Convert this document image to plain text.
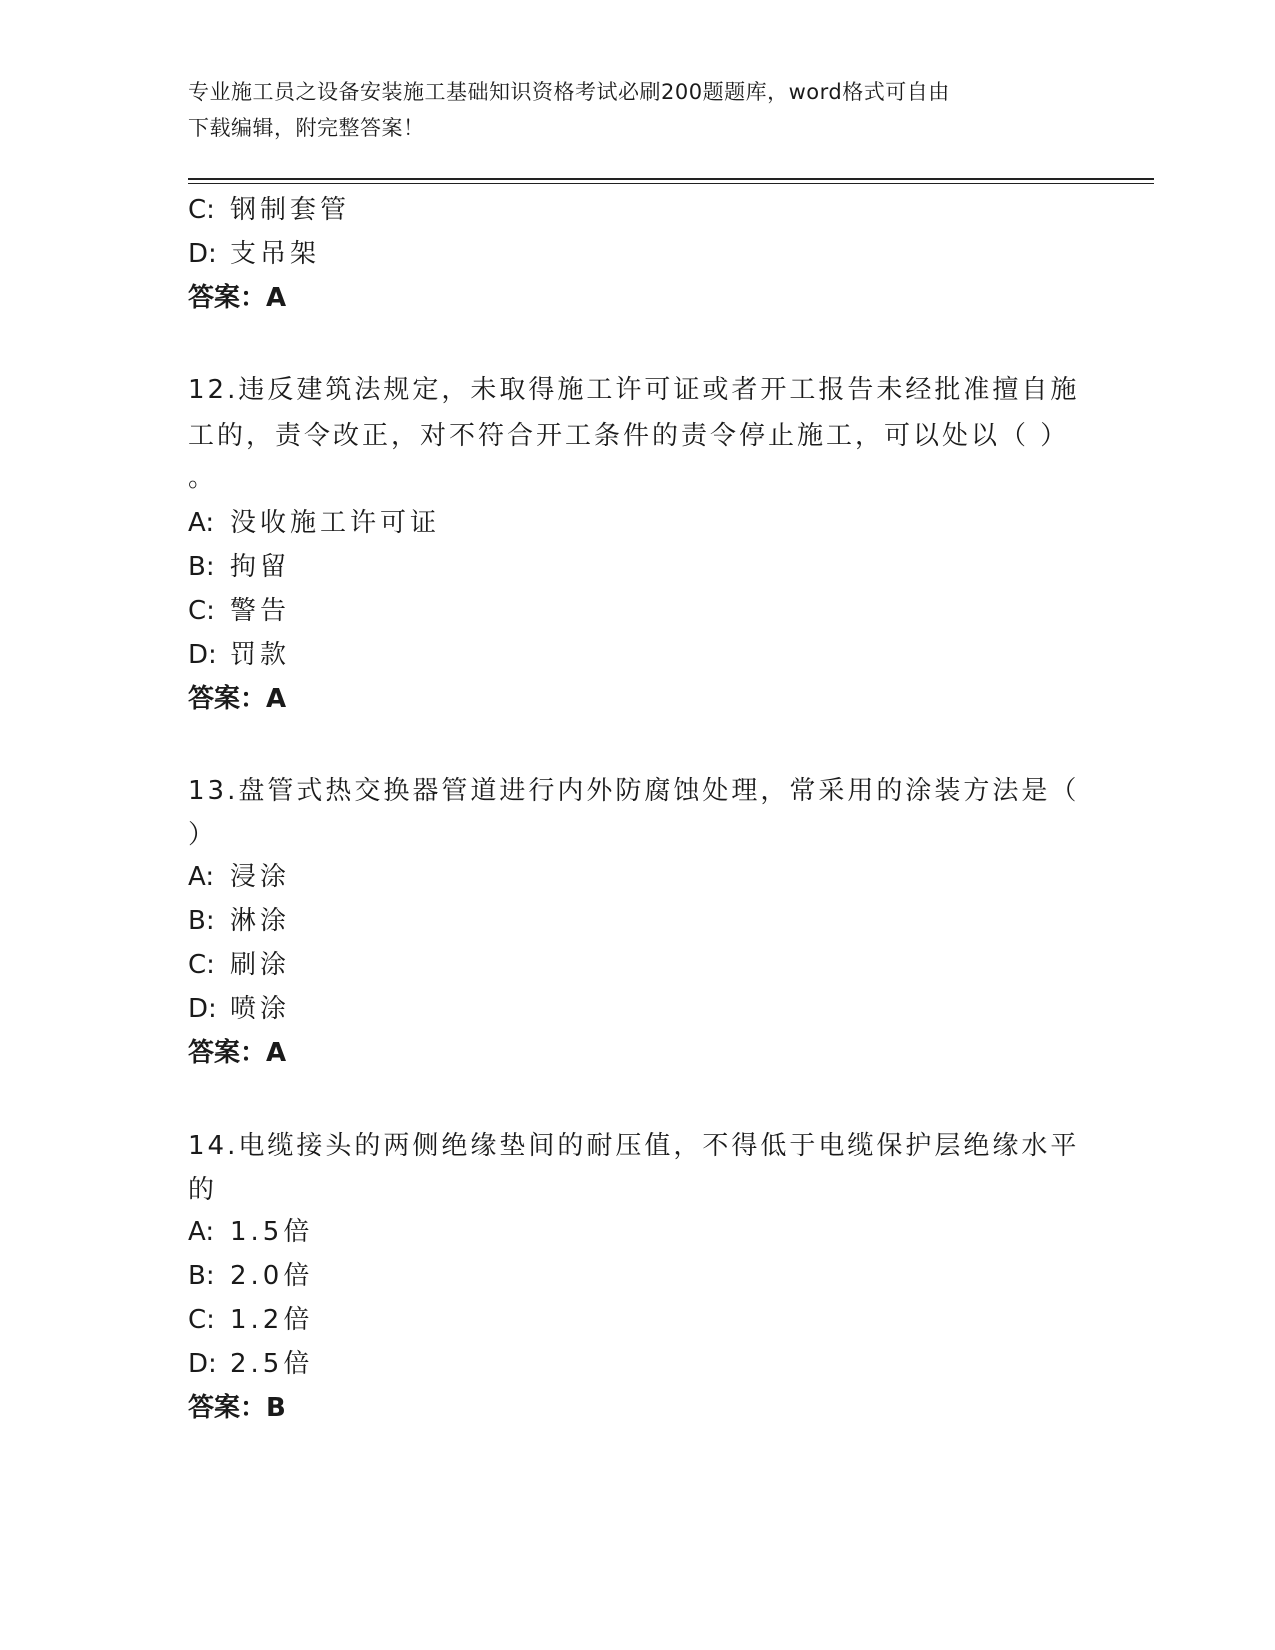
专业施工员之设备安装施工基础知识资格考试必刷200题题库，word格式可自由
下载编辑，附完整答案！
C: 钢制套管
D: 支吊架
答案：A
12.违反建筑法规定，未取得施工许可证或者开工报告未经批准擅自施
工的，责令改正，对不符合开工条件的责令停止施工，可以处以（ ）
。
A: 没收施工许可证
B: 拘留
C: 警告
D: 罚款
答案：A
13.盘管式热交换器管道进行内外防腐蚀处理，常采用的涂装方法是（
）
A: 浸涂
B: 淋涂
C: 刷涂
D: 喷涂
答案：A
14.电缆接头的两侧绝缘垫间的耐压值，不得低于电缆保护层绝缘水平
的
A: 1.5倍
B: 2.0倍
C: 1.2倍
D: 2.5倍
答案：B
